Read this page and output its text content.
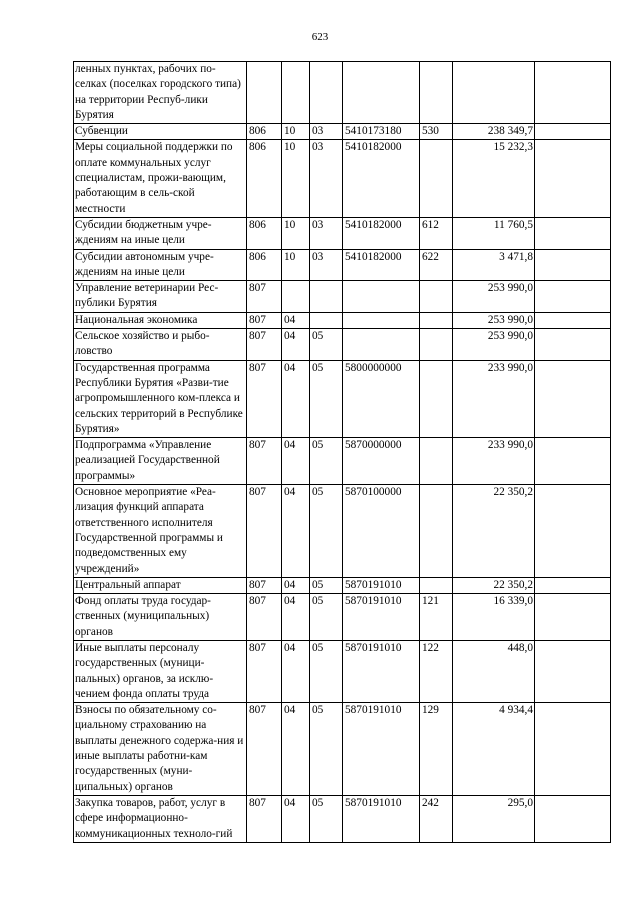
623
ленных пунктах, рабочих по-селках (поселках городского типа) на территории Респуб-лики Бурятия							
Субвенции	806	10	03	5410173180	530	238 349,7	
Меры социальной поддержки по оплате коммунальных услуг специалистам, прожи-вающим, работающим в сель-ской местности	806	10	03	5410182000		15 232,3	
Субсидии бюджетным учре-ждениям на иные цели	806	10	03	5410182000	612	11 760,5	
Субсидии автономным учре-ждениям на иные цели	806	10	03	5410182000	622	3 471,8	
Управление ветеринарии Рес-публики Бурятия	807					253 990,0	
Национальная экономика	807	04				253 990,0	
Сельское хозяйство и рыбо-ловство	807	04	05			253 990,0	
Государственная программа Республики Бурятия «Разви-тие агропромышленного ком-плекса и сельских территорий в Республике Бурятия»	807	04	05	5800000000		233 990,0	
Подпрограмма «Управление реализацией Государственной программы»	807	04	05	5870000000		233 990,0	
Основное мероприятие «Реа-лизация функций аппарата ответственного исполнителя Государственной программы и подведомственных ему учреждений»	807	04	05	5870100000		22 350,2	
Центральный аппарат	807	04	05	5870191010		22 350,2	
Фонд оплаты труда государ-ственных (муниципальных) органов	807	04	05	5870191010	121	16 339,0	
Иные выплаты персоналу государственных (муници-пальных) органов, за исклю-чением фонда оплаты труда	807	04	05	5870191010	122	448,0	
Взносы по обязательному со-циальному страхованию на выплаты денежного содержа-ния и иные выплаты работни-кам государственных (муни-ципальных) органов	807	04	05	5870191010	129	4 934,4	
Закупка товаров, работ, услуг в сфере информационно-коммуникационных техноло-гий	807	04	05	5870191010	242	295,0	
